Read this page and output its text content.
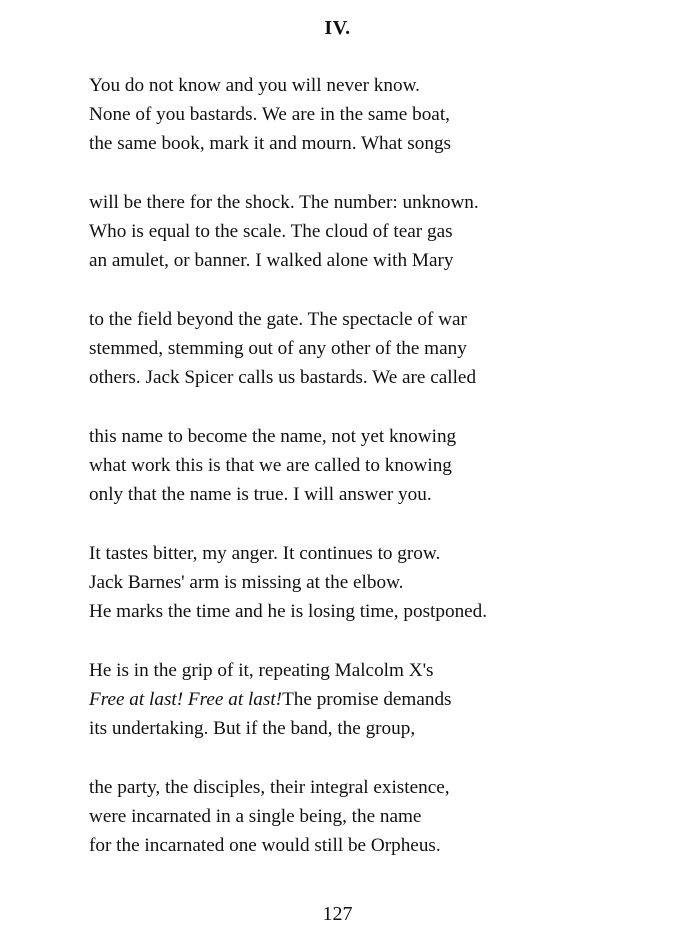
IV.
You do not know and you will never know.
None of you bastards. We are in the same boat,
the same book, mark it and mourn. What songs
will be there for the shock. The number: unknown.
Who is equal to the scale. The cloud of tear gas
an amulet, or banner. I walked alone with Mary
to the field beyond the gate. The spectacle of war
stemmed, stemming out of any other of the many
others. Jack Spicer calls us bastards. We are called
this name to become the name, not yet knowing
what work this is that we are called to knowing
only that the name is true. I will answer you.
It tastes bitter, my anger. It continues to grow.
Jack Barnes' arm is missing at the elbow.
He marks the time and he is losing time, postponed.
He is in the grip of it, repeating Malcolm X's
Free at last! Free at last!The promise demands
its undertaking. But if the band, the group,
the party, the disciples, their integral existence,
were incarnated in a single being, the name
for the incarnated one would still be Orpheus.
127
